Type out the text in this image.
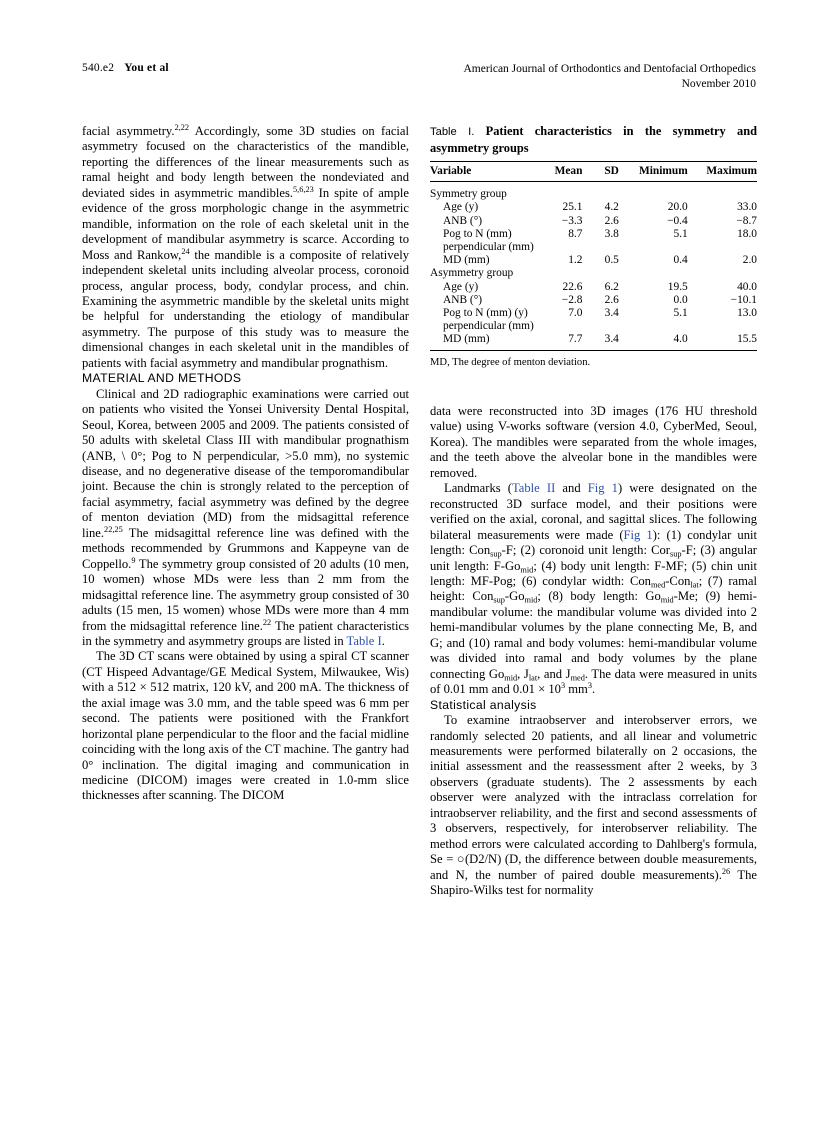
540.e2 You et al	American Journal of Orthodontics and Dentofacial Orthopedics
November 2010

facial asymmetry.$^{2,22}$ Accordingly, some 3D studies on facial asymmetry focused on the characteristics of the mandible, reporting the differences of the linear measurements such as ramal height and body length between the nondeviated and deviated sides in asymmetric mandibles.$^{5,6,23}$ In spite of ample evidence of the gross morphologic change in the asymmetric mandible, information on the role of each skeletal unit in the development of mandibular asymmetry is scarce. According to Moss and Rankow,$^{24}$ the mandible is a composite of relatively independent skeletal units including alveolar process, coronoid process, angular process, body, condylar process, and chin. Examining the asymmetric mandible by the skeletal units might be helpful for understanding the etiology of mandibular asymmetry. The purpose of this study was to measure the dimensional changes in each skeletal unit in the mandibles of patients with facial asymmetry and mandibular prognathism.

MATERIAL AND METHODS

Clinical and 2D radiographic examinations were carried out on patients who visited the Yonsei University Dental Hospital, Seoul, Korea, between 2005 and 2009. The patients consisted of 50 adults with skeletal Class III with mandibular prognathism (ANB, \ 0°; Pog to N perpendicular, >5.0 mm), no systemic disease, and no degenerative disease of the temporomandibular joint. Because the chin is strongly related to the perception of facial asymmetry, facial asymmetry was defined by the degree of menton deviation (MD) from the midsagittal reference line.$^{22,25}$ The midsagittal reference line was defined with the methods recommended by Grummons and Kappeyne van de Coppello.$^9$ The symmetry group consisted of 20 adults (10 men, 10 women) whose MDs were less than 2 mm from the midsagittal reference line. The asymmetry group consisted of 30 adults (15 men, 15 women) whose MDs were more than 4 mm from the midsagittal reference line.$^{22}$ The patient characteristics in the symmetry and asymmetry groups are listed in Table I.

The 3D CT scans were obtained by using a spiral CT scanner (CT Hispeed Advantage/GE Medical System, Milwaukee, Wis) with a 512 × 512 matrix, 120 kV, and 200 mA. The thickness of the axial image was 3.0 mm, and the table speed was 6 mm per second. The patients were positioned with the Frankfort horizontal plane perpendicular to the floor and the facial midline coinciding with the long axis of the CT machine. The gantry had 0° inclination. The digital imaging and communication in medicine (DICOM) images were created in 1.0-mm slice thicknesses after scanning. The DICOM

Table I. Patient characteristics in the symmetry and asymmetry groups

Variable	Mean	SD	Minimum	Maximum
Symmetry group				
Age (y)	25.1	4.2	20.0	33.0
ANB (°)	−3.3	2.6	−0.4	−8.7
Pog to N (mm)	8.7	3.8	5.1	18.0
perpendicular (mm)				
MD (mm)	1.2	0.5	0.4	2.0
Asymmetry group				
Age (y)	22.6	6.2	19.5	40.0
ANB (°)	−2.8	2.6	0.0	−10.1
Pog to N (mm) (y)	7.0	3.4	5.1	13.0
perpendicular (mm)				
MD (mm)	7.7	3.4	4.0	15.5
MD, The degree of menton deviation.

data were reconstructed into 3D images (176 HU threshold value) using V-works software (version 4.0, CyberMed, Seoul, Korea). The mandibles were separated from the whole images, and the teeth above the alveolar bone in the mandibles were removed.

Landmarks (Table II and Fig 1) were designated on the reconstructed 3D surface model, and their positions were verified on the axial, coronal, and sagittal slices. The following bilateral measurements were made (Fig 1): (1) condylar unit length: Con$_{sup}$-F; (2) coronoid unit length: Cor$_{sup}$-F; (3) angular unit length: $F-Go_{mid}$; (4) body unit length: F-MF; (5) chin unit length: MF-Pog; (6) condylar width: Con$_{med}$-Con$_{lat}$; (7) ramal height: $Con_{sup}-Go_{mid}$; (8) body length: $Go_{mid}-Me$; (9) hemi-mandibular volume: the mandibular volume was divided into 2 hemi-mandibular volumes by the plane connecting Me, B, and G; and (10) ramal and body volumes: hemi-mandibular volume was divided into ramal and body volumes by the plane connecting $Go_{mid}$, $J_{lat}$, and $J_{med}$. The data were measured in units of 0.01 mm and $0.01 \times 10^3$ $mm^3$.

Statistical analysis

To examine intraobserver and interobserver errors, we randomly selected 20 patients, and all linear and volumetric measurements were performed bilaterally on 2 occasions, the initial assessment and the reassessment after 2 weeks, by 3 observers (graduate students). The 2 assessments by each observer were analyzed with the intraclass correlation for intraobserver reliability, and the first and second assessments of 3 observers, respectively, for interobserver reliability. The method errors were calculated according to Dahlberg's formula, Se = ○(D2/N) (D, the difference between double measurements, and N, the number of paired double measurements).$^{26}$ The Shapiro-Wilks test for normality
